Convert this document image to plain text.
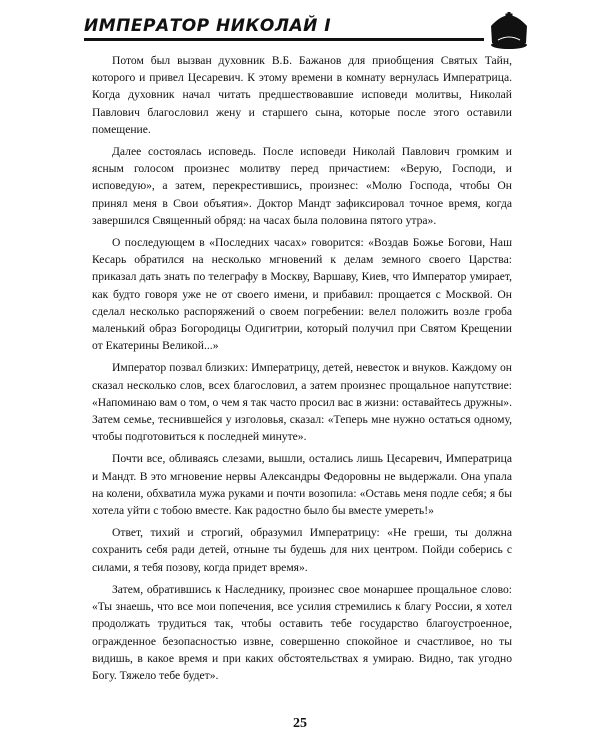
ИМПЕРАТОР НИКОЛАЙ I

Потом был вызван духовник В.Б. Бажанов для приобщения Святых Тайн, которого и привел Цесаревич. К этому времени в комнату вернулась Императрица. Когда духовник начал читать предшествовавшие исповеди молитвы, Николай Павлович благословил жену и старшего сына, которые после этого оставили помещение.

Далее состоялась исповедь. После исповеди Николай Павлович громким и ясным голосом произнес молитву перед причастием: «Верую, Господи, и исповедую», а затем, перекрестившись, произнес: «Молю Господа, чтобы Он принял меня в Свои объятия». Доктор Мандт зафиксировал точное время, когда завершился Священный обряд: на часах была половина пятого утра».

О последующем в «Последних часах» говорится: «Воздав Божье Богови, Наш Кесарь обратился на несколько мгновений к делам земного своего Царства: приказал дать знать по телеграфу в Москву, Варшаву, Киев, что Император умирает, как будто говоря уже не от своего имени, и прибавил: прощается с Москвой. Он сделал несколько распоряжений о своем погребении: велел положить возле гроба маленький образ Богородицы Одигитрии, который получил при Святом Крещении от Екатерины Великой...»

Император позвал близких: Императрицу, детей, невесток и внуков. Каждому он сказал несколько слов, всех благословил, а затем произнес прощальное напутствие: «Напоминаю вам о том, о чем я так часто просил вас в жизни: оставайтесь дружны». Затем семье, теснившейся у изголовья, сказал: «Теперь мне нужно остаться одному, чтобы подготовиться к последней минуте».

Почти все, обливаясь слезами, вышли, остались лишь Цесаревич, Императрица и Мандт. В это мгновение нервы Александры Федоровны не выдержали. Она упала на колени, обхватила мужа руками и почти возопила: «Оставь меня подле себя; я бы хотела уйти с тобою вместе. Как радостно было бы вместе умереть!»

Ответ, тихий и строгий, образумил Императрицу: «Не греши, ты должна сохранить себя ради детей, отныне ты будешь для них центром. Пойди соберись с силами, я тебя позову, когда придет время».

Затем, обратившись к Наследнику, произнес свое монаршее прощальное слово: «Ты знаешь, что все мои попечения, все усилия стремились к благу России, я хотел продолжать трудиться так, чтобы оставить тебе государство благоустроенное, огражденное безопасностью извне, совершенно спокойное и счастливое, но ты видишь, в какое время и при каких обстоятельствах я умираю. Видно, так угодно Богу. Тяжело тебе будет».

25
